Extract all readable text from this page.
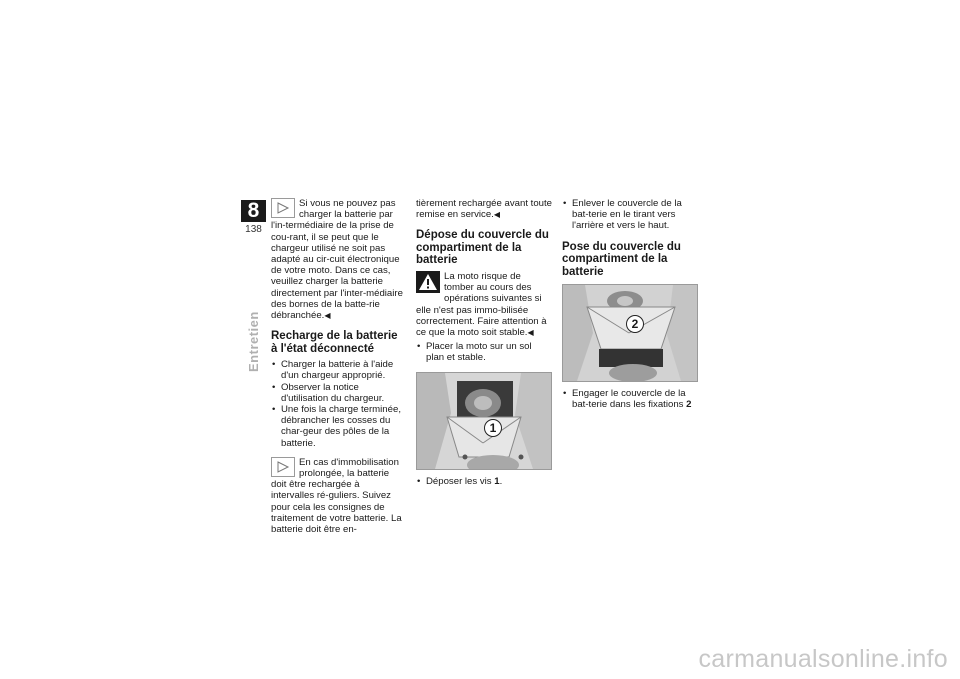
8
138
Entretien

Si vous ne pouvez pas charger la batterie par l'in-termédiaire de la prise de cou-rant, il se peut que le chargeur utilisé ne soit pas adapté au cir-cuit électronique de votre moto. Dans ce cas, veuillez charger la batterie directement par l'inter-médiaire des bornes de la batte-rie débranchée.◀

Recharge de la batterie à l'état déconnecté
• Charger la batterie à l'aide d'un chargeur approprié.
• Observer la notice d'utilisation du chargeur.
• Une fois la charge terminée, débrancher les cosses du char-geur des pôles de la batterie.

En cas d'immobilisation prolongée, la batterie doit être rechargée à intervalles ré-guliers. Suivez pour cela les consignes de traitement de votre batterie. La batterie doit être en-

tièrement rechargée avant toute remise en service.◀

Dépose du couvercle du compartiment de la batterie

La moto risque de tomber au cours des opérations suivantes si elle n'est pas immo-bilisée correctement. Faire attention à ce que la moto soit stable.◀

• Placer la moto sur un sol plan et stable.
1
• Déposer les vis 1.
• Enlever le couvercle de la bat-terie en le tirant vers l'arrière et vers le haut.
Pose du couvercle du compartiment de la batterie
2
• Engager le couvercle de la bat-terie dans les fixations 2
carmanualsonline.info
